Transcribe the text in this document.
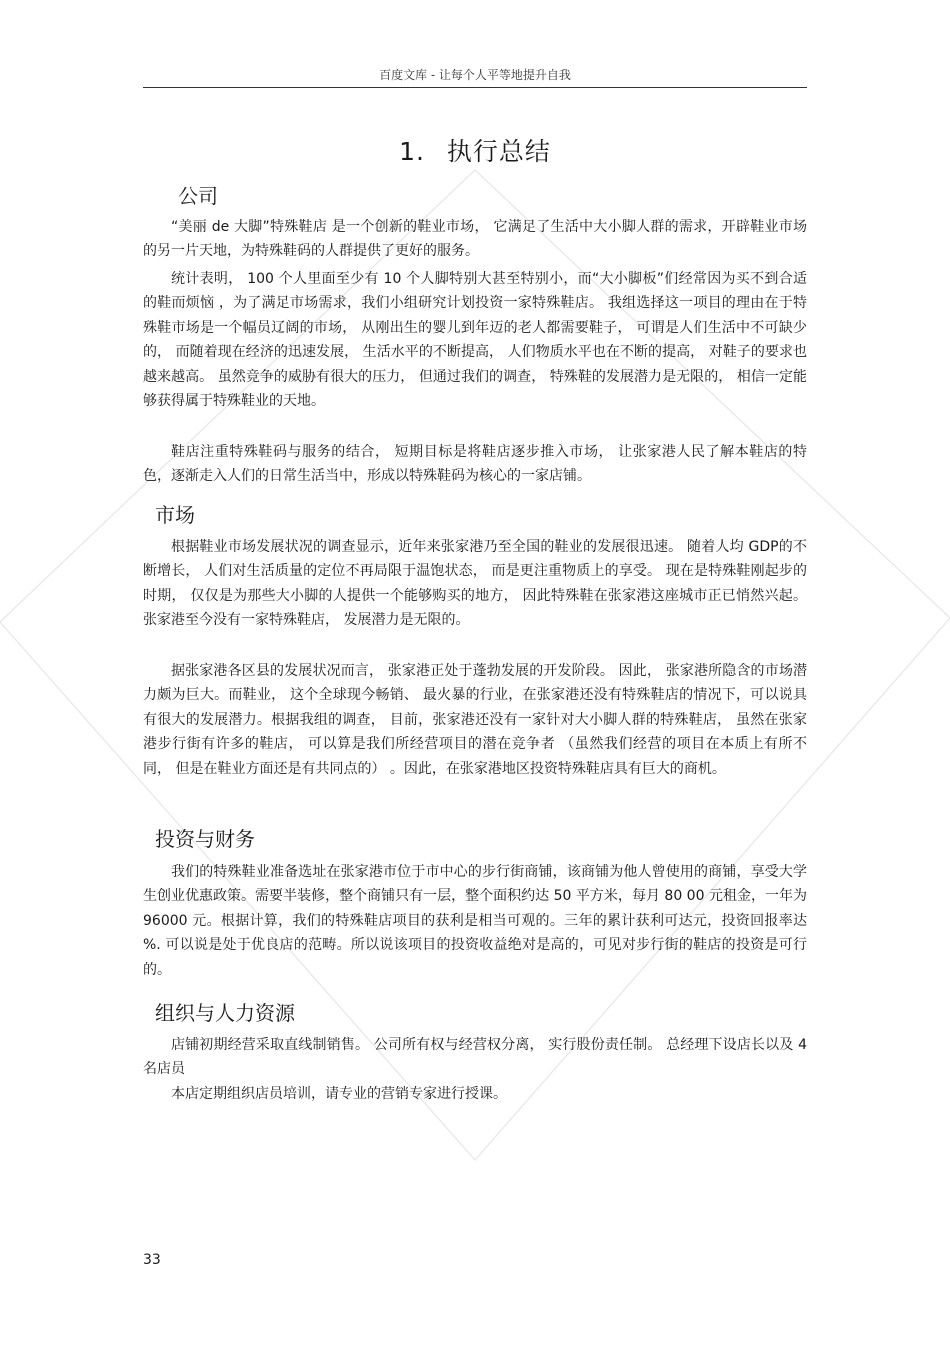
百度文库 - 让每个人平等地提升自我
1. 执行总结
公司

“美丽 de 大脚”特殊鞋店 是一个创新的鞋业市场， 它满足了生活中大小脚人群的需求，开辟鞋业市场的另一片天地，为特殊鞋码的人群提供了更好的服务。

统计表明， 100 个人里面至少有 10 个人脚特别大甚至特别小，而“大小脚板”们经常因为买不到合适的鞋而烦恼 ，为了满足市场需求，我们小组研究计划投资一家特殊鞋店。 我组选择这一项目的理由在于特殊鞋市场是一个幅员辽阔的市场， 从刚出生的婴儿到年迈的老人都需要鞋子， 可谓是人们生活中不可缺少的， 而随着现在经济的迅速发展， 生活水平的不断提高， 人们物质水平也在不断的提高， 对鞋子的要求也越来越高。 虽然竞争的威胁有很大的压力， 但通过我们的调查， 特殊鞋的发展潜力是无限的， 相信一定能够获得属于特殊鞋业的天地。

鞋店注重特殊鞋码与服务的结合， 短期目标是将鞋店逐步推入市场， 让张家港人民了解本鞋店的特色，逐渐走入人们的日常生活当中，形成以特殊鞋码为核心的一家店铺。

市场

根据鞋业市场发展状况的调查显示，近年来张家港乃至全国的鞋业的发展很迅速。 随着人均 GDP的不断增长， 人们对生活质量的定位不再局限于温饱状态， 而是更注重物质上的享受。 现在是特殊鞋刚起步的时期， 仅仅是为那些大小脚的人提供一个能够购买的地方， 因此特殊鞋在张家港这座城市正已悄然兴起。 张家港至今没有一家特殊鞋店， 发展潜力是无限的。

据张家港各区县的发展状况而言， 张家港正处于蓬勃发展的开发阶段。 因此， 张家港所隐含的市场潜力颇为巨大。而鞋业， 这个全球现今畅销、 最火暴的行业，在张家港还没有特殊鞋店的情况下，可以说具有很大的发展潜力。根据我组的调查， 目前，张家港还没有一家针对大小脚人群的特殊鞋店， 虽然在张家港步行街有许多的鞋店， 可以算是我们所经营项目的潜在竞争者 （虽然我们经营的项目在本质上有所不同， 但是在鞋业方面还是有共同点的） 。因此，在张家港地区投资特殊鞋店具有巨大的商机。

投资与财务

我们的特殊鞋业准备选址在张家港市位于市中心的步行街商铺，该商铺为他人曾使用的商铺，享受大学生创业优惠政策。需要半装修，整个商铺只有一层，整个面积约达 50 平方米，每月 80 00 元租金，一年为 96000 元。根据计算，我们的特殊鞋店项目的获利是相当可观的。三年的累计获利可达元，投资回报率达 %. 可以说是处于优良店的范畴。所以说该项目的投资收益绝对是高的，可见对步行街的鞋店的投资是可行的。

组织与人力资源

店铺初期经营采取直线制销售。 公司所有权与经营权分离， 实行股份责任制。 总经理下设店长以及 4 名店员

本店定期组织店员培训，请专业的营销专家进行授课。

33
